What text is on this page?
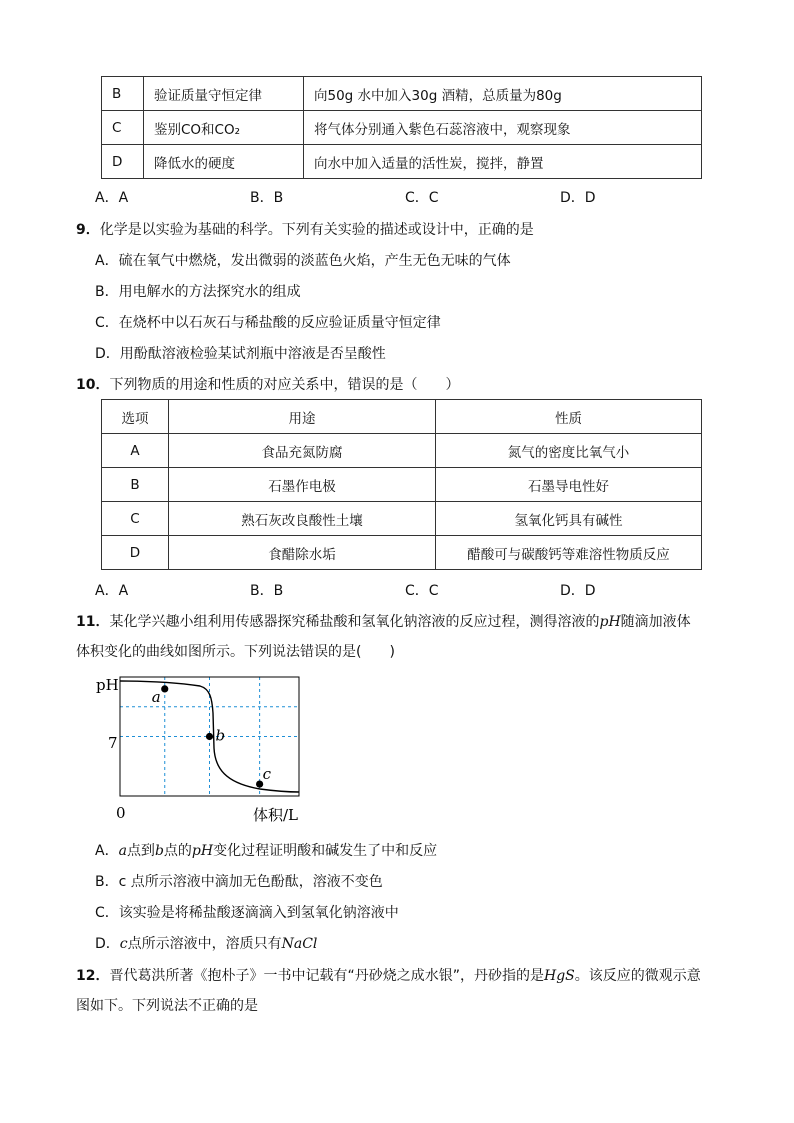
B	验证质量守恒定律	向50g 水中加入30g 酒精，总质量为80g
C	鉴别CO和CO₂	将气体分别通入紫色石蕊溶液中，观察现象
D	降低水的硬度	向水中加入适量的活性炭，搅拌，静置
A．A	B．B	C．C	D．D
9．化学是以实验为基础的科学。下列有关实验的描述或设计中，正确的是
A．硫在氧气中燃烧，发出微弱的淡蓝色火焰，产生无色无味的气体
B．用电解水的方法探究水的组成
C．在烧杯中以石灰石与稀盐酸的反应验证质量守恒定律
D．用酚酞溶液检验某试剂瓶中溶液是否呈酸性
10．下列物质的用途和性质的对应关系中，错误的是（　　）
选项	用途	性质
A	食品充氮防腐	氮气的密度比氧气小
B	石墨作电极	石墨导电性好
C	熟石灰改良酸性土壤	氢氧化钙具有碱性
D	食醋除水垢	醋酸可与碳酸钙等难溶性物质反应
A．A	B．B	C．C	D．D
11．某化学兴趣小组利用传感器探究稀盐酸和氢氧化钠溶液的反应过程，测得溶液的pH随滴加液体
体积变化的曲线如图所示。下列说法错误的是(　　)
a
b
c
pH
7
0	体积/L
A．a点到b点的pH变化过程证明酸和碱发生了中和反应
B．c 点所示溶液中滴加无色酚酞，溶液不变色
C．该实验是将稀盐酸逐滴滴入到氢氧化钠溶液中
D．c点所示溶液中，溶质只有NaCl
12．晋代葛洪所著《抱朴子》一书中记载有“丹砂烧之成水银”，丹砂指的是HgS。该反应的微观示意
图如下。下列说法不正确的是
